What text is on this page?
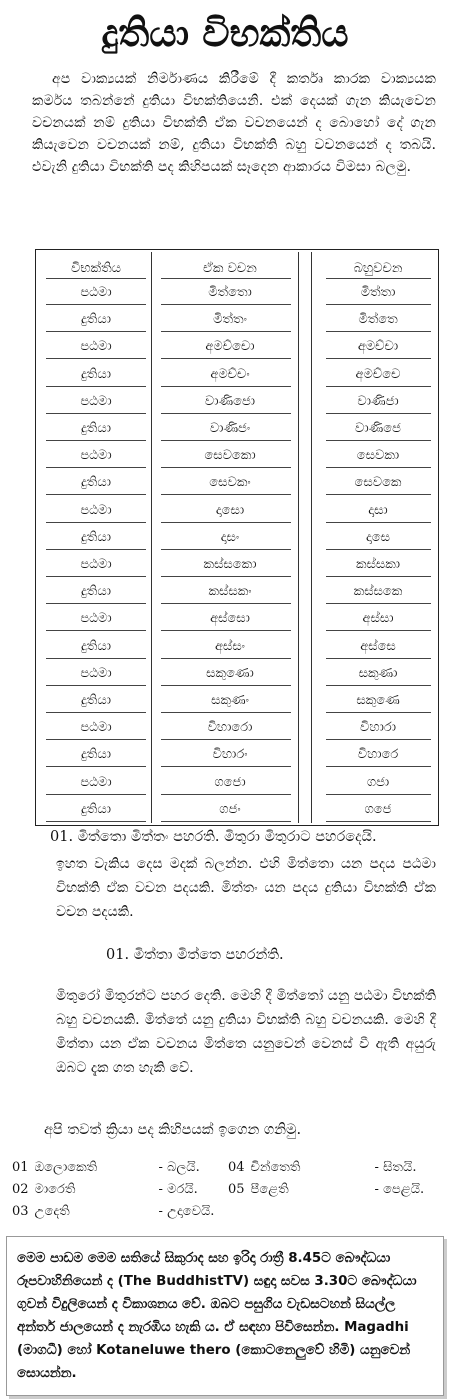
දුතියා විභක්තිය
අප වාක්‍යයක් නිර්මාණය කිරීමේ දී කර්තෘ කාරක වාක්‍යයක කර්මය තබන්නේ දුතියා විභක්තියෙනි. එක් දෙයක් ගැන කියැවෙන වචනයක් නම් දුතියා විභක්ති ඒක වචනයෙන් ද බොහෝ දේ ගැන කියැවෙන වචනයක් නම්, දුතියා විභක්ති බහු වචනයෙන් ද තබයි. එවැනි දුතියා විභක්ති පද කිහිපයක් සෑදෙන ආකාරය විමසා බලමු.
විභක්තිය	ඒක වචන	බහුවචන
පඨමා	මිත්තො	මිත්තා
දුතියා	මිත්තං	මිත්තෙ
පඨමා	අමච්චො	අමච්චා
දුතියා	අමච්චං	අමච්චෙ
පඨමා	වාණිජො	වාණිජා
දුතියා	වාණිජං	වාණිජෙ
පඨමා	සෙවකො	සෙවකා
දුතියා	සෙවකං	සෙවකෙ
පඨමා	දාසො	දාසා
දුතියා	දාසං	දාසෙ
පඨමා	කස්සකො	කස්සකා
දුතියා	කස්සකං	කස්සකෙ
පඨමා	අස්සො	අස්සා
දුතියා	අස්සං	අස්සෙ
පඨමා	සකුණො	සකුණා
දුතියා	සකුණං	සකුණෙ
පඨමා	විහාරො	විහාරා
දුතියා	විහාරං	විහාරෙ
පඨමා	ගජො	ගජා
දුතියා	ගජං	ගජෙ
01. මිත්තො මිත්තං පහරති. මිතුරා මිතුරාට පහරදෙයි.
ඉහත වැකිය දෙස මදක් බලන්න. එහි මිත්තො යන පදය පඨමා විභක්ති ඒක වචන පදයකි. මිත්තං යන පදය දුතියා විභක්ති ඒක වචන පදයකි.
01. මිත්තා මිත්තෙ පහරන්ති.
මිතුරෝ මිතුරන්ට පහර දෙති. මෙහි දී මිත්තෝ යනු පඨමා විභක්ති බහු වචනයකි. මිත්තේ යනු දුතියා විභක්ති බහු වචනයකි. මෙහි දී මිත්තා යන ඒක වචනය මිත්තෙ යනුවෙන් වෙනස් වී ඇති අයුරු ඔබට දැක ගත හැකි වේ.
අපි තවත් ක්‍රියා පද කිහිපයක් ඉගෙන ගනිමු.
01 ඔලොකෙති	- බලයි.
02 මාරෙති	- මරයි.
03 උදෙති	- උදාවෙයි.
04 චින්තෙති	- සිතයි.
05 පීළෙති	- පෙළයි.
මෙම පාඩම මෙම සතියේ සිකුරාද සහ ඉරිදා රාත්‍රී 8.45ට බෞද්ධයා රූපවාහිනියෙන් ද (The BuddhistTV) සඳුදා සවස 3.30ට බෞද්ධයා ගුවන් විදුලියෙන් ද විකාශනය වේ. ඔබට පසුගිය වැඩසටහන් සියල්ල අන්තර් ජාලයෙන් ද නැරඹිය හැකි ය. ඒ සඳහා පිවිසෙන්න. Magadhi (මාගධී) හෝ Kotaneluwe thero (කොටනෙලුවේ හිමි) යනුවෙන් සොයන්න.
